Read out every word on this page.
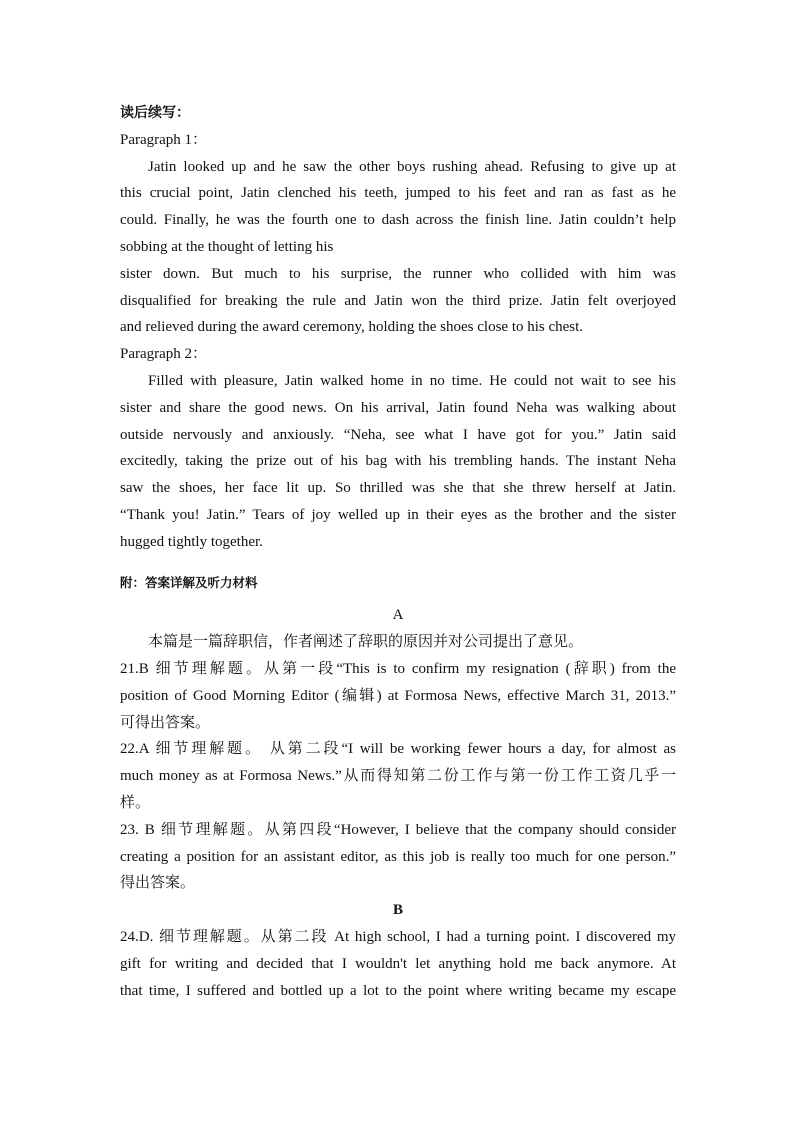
读后续写：
Paragraph 1：
Jatin looked up and he saw the other boys rushing ahead. Refusing to give up at
this crucial point, Jatin clenched his teeth, jumped to his feet and ran as fast as he
could. Finally, he was the fourth one to dash across the finish line. Jatin couldn’t help
sobbing at the thought of letting his
sister down. But much to his surprise, the runner who collided with him was
disqualified for breaking the rule and Jatin won the third prize. Jatin felt overjoyed
and relieved during the award ceremony, holding the shoes close to his chest.
Paragraph 2：
Filled with pleasure, Jatin walked home in no time. He could not wait to see his
sister and share the good news. On his arrival, Jatin found Neha was walking about
outside nervously and anxiously. “Neha, see what I have got for you.” Jatin said
excitedly, taking the prize out of his bag with his trembling hands. The instant Neha
saw the shoes, her face lit up. So thrilled was she that she threw herself at Jatin.
“Thank you! Jatin.” Tears of joy welled up in their eyes as the brother and the sister
hugged tightly together.
附：答案详解及听力材料
A
本篇是一篇辞职信，作者阐述了辞职的原因并对公司提出了意见。
21.B 细节理解题。从第一段“This is to confirm my resignation (辞职) from the
position of Good Morning Editor (编辑) at Formosa News, effective March 31, 2013.”
可得出答案。
22.A 细节理解题。 从第二段“I will be working fewer hours a day, for almost as
much money as at Formosa News.”从而得知第二份工作与第一份工作工资几乎一
样。
23. B 细节理解题。从第四段“However, I believe that the company should consider
creating a position for an assistant editor, as this job is really too much for one person.”
得出答案。
B
24.D. 细节理解题。从第二段 At high school, I had a turning point. I discovered my
gift for writing and decided that I wouldn't let anything hold me back anymore. At
that time, I suffered and bottled up a lot to the point where writing became my escape
